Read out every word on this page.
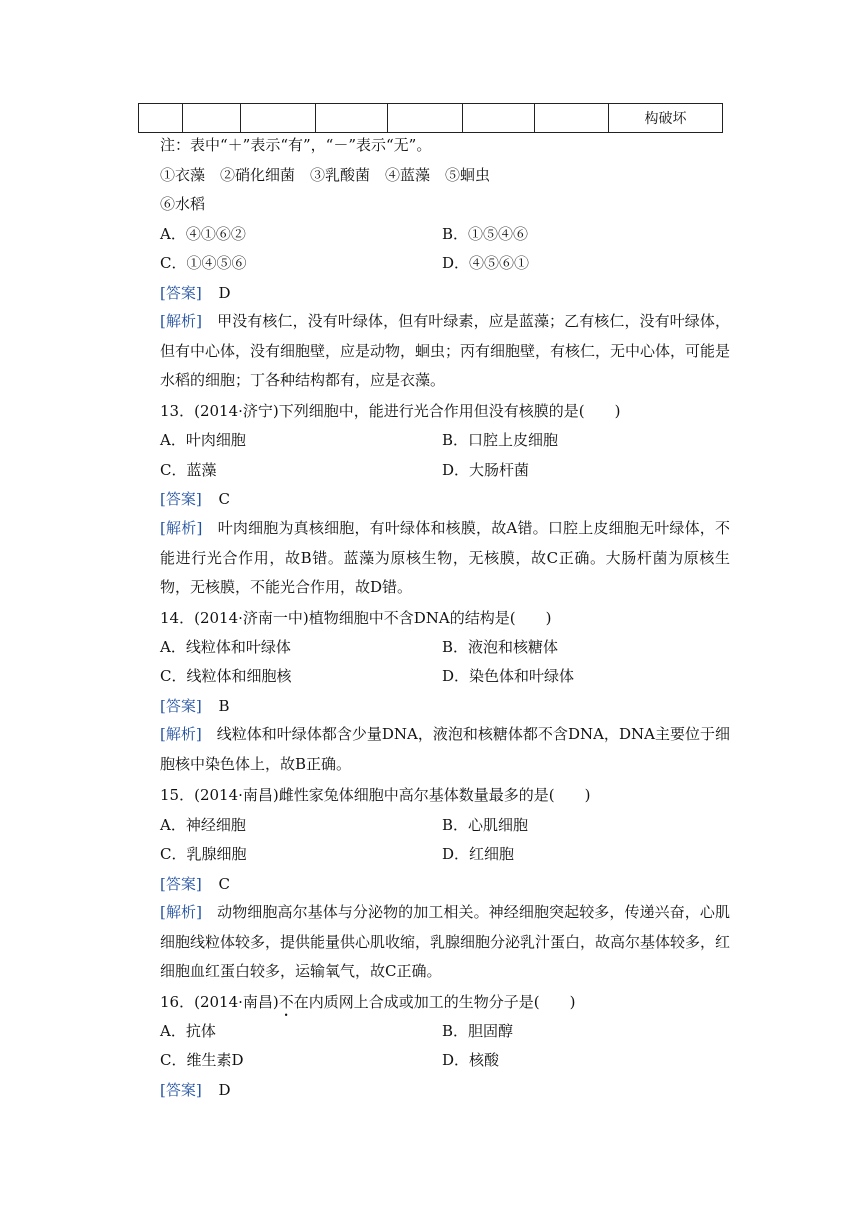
							构破坏
注：表中“＋”表示“有”，“－”表示“无”。
①衣藻　②硝化细菌　③乳酸菌　④蓝藻　⑤蛔虫
⑥水稻
A．④①⑥②	B．①⑤④⑥
C．①④⑤⑥	D．④⑤⑥①
[答案] D
[解析]　 甲没有核仁，没有叶绿体，但有叶绿素，应是蓝藻；乙有核仁，没有叶绿体，但有中心体，没有细胞壁，应是动物，蛔虫；丙有细胞壁，有核仁，无中心体，可能是水稻的细胞；丁各种结构都有，应是衣藻。
13．(2014·济宁)下列细胞中，能进行光合作用但没有核膜的是(　　)
A．叶肉细胞	B．口腔上皮细胞
C．蓝藻	D．大肠杆菌
[答案] C
[解析]　 叶肉细胞为真核细胞，有叶绿体和核膜，故A错。口腔上皮细胞无叶绿体，不能进行光合作用，故B错。蓝藻为原核生物，无核膜，故C正确。大肠杆菌为原核生物，无核膜，不能光合作用，故D错。
14．(2014·济南一中)植物细胞中不含DNA的结构是(　　)
A．线粒体和叶绿体	B．液泡和核糖体
C．线粒体和细胞核	D．染色体和叶绿体
[答案] B
[解析]　 线粒体和叶绿体都含少量DNA，液泡和核糖体都不含DNA，DNA主要位于细胞核中染色体上，故B正确。
15．(2014·南昌)雌性家兔体细胞中高尔基体数量最多的是(　　)
A．神经细胞	B．心肌细胞
C．乳腺细胞	D．红细胞
[答案] C
[解析]　 动物细胞高尔基体与分泌物的加工相关。神经细胞突起较多，传递兴奋，心肌细胞线粒体较多，提供能量供心肌收缩，乳腺细胞分泌乳汁蛋白，故高尔基体较多，红细胞血红蛋白较多，运输氧气，故C正确。
16．(2014·南昌)不在内质网上合成或加工的生物分子是(　　)
A．抗体	B．胆固醇
C．维生素D	D．核酸
[答案] D
